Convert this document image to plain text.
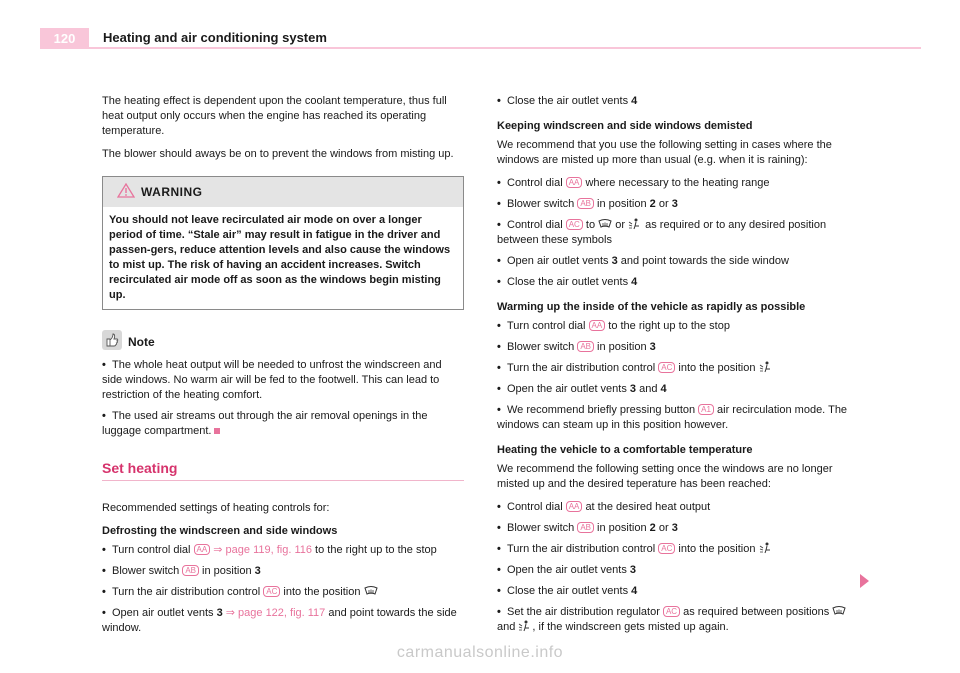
120	Heating and air conditioning system

The heating effect is dependent upon the coolant temperature, thus full heat output only occurs when the engine has reached its operating temperature.

The blower should aways be on to prevent the windows from misting up.

WARNING
You should not leave recirculated air mode on over a longer period of time. “Stale air” may result in fatigue in the driver and passen-gers, reduce attention levels and also cause the windows to mist up. The risk of having an accident increases. Switch recirculated air mode off as soon as the windows begin misting up.
Note

• The whole heat output will be needed to unfrost the windscreen and side windows. No warm air will be fed to the footwell. This can lead to restriction of the heating comfort.

• The used air streams out through the air removal openings in the luggage compartment.

Set heating

Recommended settings of heating controls for:

Defrosting the windscreen and side windows

• Turn control dial AA ⇒ page 119, fig. 116 to the right up to the stop

• Blower switch AB in position 3

• Turn the air distribution control AC into the position

• Open air outlet vents 3 ⇒ page 122, fig. 117 and point towards the side window.

• Close the air outlet vents 4

Keeping windscreen and side windows demisted

We recommend that you use the following setting in cases where the windows are misted up more than usual (e.g. when it is raining):

• Control dial AA where necessary to the heating range

• Blower switch AB in position 2 or 3

• Control dial AC to or as required or to any desired position between these symbols

• Open air outlet vents 3 and point towards the side window

• Close the air outlet vents 4

Warming up the inside of the vehicle as rapidly as possible

• Turn control dial AA to the right up to the stop

• Blower switch AB in position 3

• Turn the air distribution control AC into the position

• Open the air outlet vents 3 and 4

• We recommend briefly pressing button A1 air recirculation mode. The windows can steam up in this position however.

Heating the vehicle to a comfortable temperature

We recommend the following setting once the windows are no longer misted up and the desired teperature has been reached:

• Control dial AA at the desired heat output

• Blower switch AB in position 2 or 3

• Turn the air distribution control AC into the position

• Open the air outlet vents 3

• Close the air outlet vents 4

• Set the air distribution regulator AC as required between positions  and , if the windscreen gets misted up again.

carmanualsonline.info
